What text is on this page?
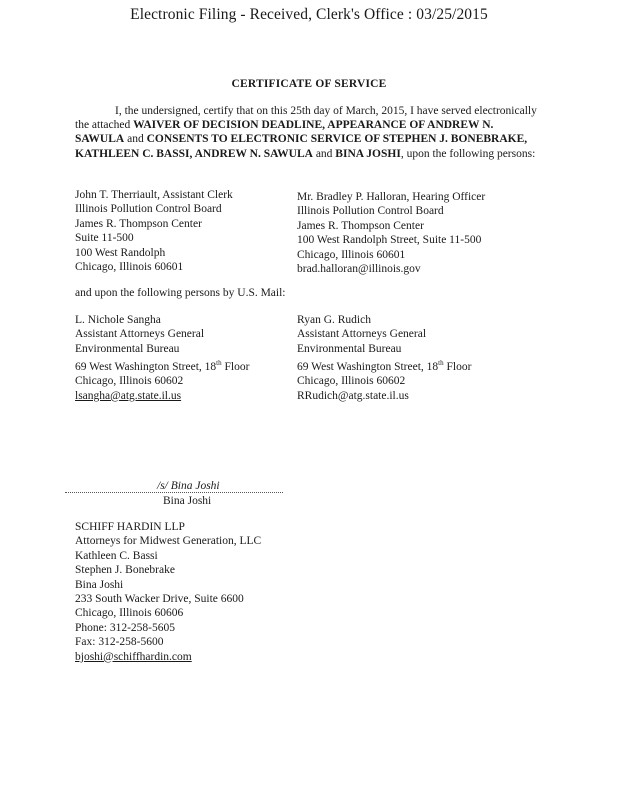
Electronic Filing - Received, Clerk's Office : 03/25/2015
CERTIFICATE OF SERVICE
I, the undersigned, certify that on this 25th day of March, 2015, I have served electronically the attached WAIVER OF DECISION DEADLINE, APPEARANCE OF ANDREW N. SAWULA and CONSENTS TO ELECTRONIC SERVICE OF STEPHEN J. BONEBRAKE, KATHLEEN C. BASSI, ANDREW N. SAWULA and BINA JOSHI, upon the following persons:
John T. Therriault, Assistant Clerk
Illinois Pollution Control Board
James R. Thompson Center
Suite 11-500
100 West Randolph
Chicago, Illinois 60601
Mr. Bradley P. Halloran, Hearing Officer
Illinois Pollution Control Board
James R. Thompson Center
100 West Randolph Street, Suite 11-500
Chicago, Illinois 60601
brad.halloran@illinois.gov
and upon the following persons by U.S. Mail:
L. Nichole Sangha
Assistant Attorneys General
Environmental Bureau
69 West Washington Street, 18th Floor
Chicago, Illinois 60602
lsangha@atg.state.il.us
Ryan G. Rudich
Assistant Attorneys General
Environmental Bureau
69 West Washington Street, 18th Floor
Chicago, Illinois 60602
RRudich@atg.state.il.us
/s/ Bina Joshi
Bina Joshi
SCHIFF HARDIN LLP
Attorneys for Midwest Generation, LLC
Kathleen C. Bassi
Stephen J. Bonebrake
Bina Joshi
233 South Wacker Drive, Suite 6600
Chicago, Illinois 60606
Phone: 312-258-5605
Fax: 312-258-5600
bjoshi@schiffhardin.com
